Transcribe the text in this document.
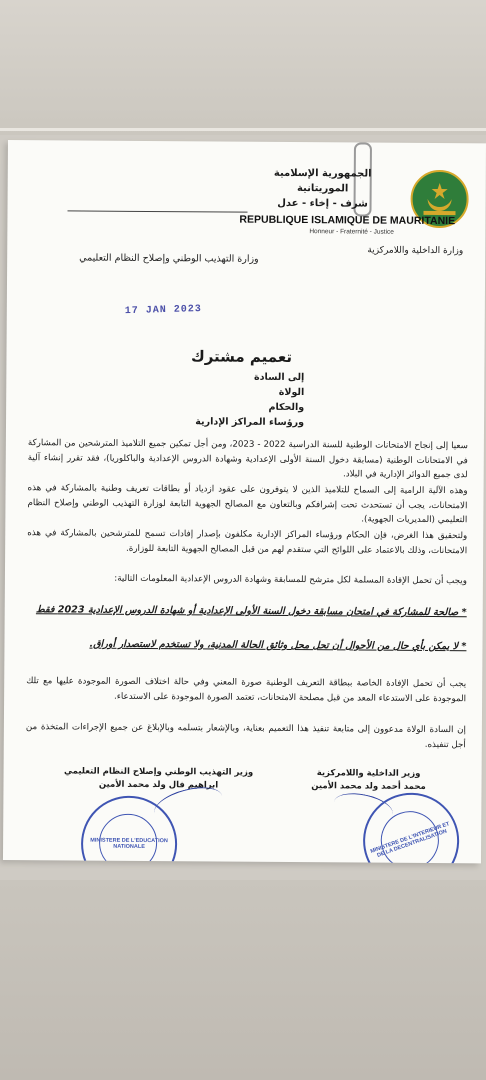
الجمهورية الإسلامية الموريتانية
شرف - إخاء - عدل
REPUBLIQUE ISLAMIQUE DE MAURITANIE
Honneur - Fraternité - Justice
وزارة الداخلية واللامركزية
وزارة التهذيب الوطني وإصلاح النظام التعليمي
17 JAN 2023
تعميم مشترك
إلى السادة
الولاة
والحكام
ورؤساء المراكز الإدارية
سعيا إلى إنجاح الامتحانات الوطنية للسنة الدراسية 2022 - 2023، ومن أجل تمكين جميع التلاميذ المترشحين من المشاركة في الامتحانات الوطنية (مسابقة دخول السنة الأولى الإعدادية وشهادة الدروس الإعدادية والباكلوريا)، فقد تقرر إنشاء آلية لدى جميع الدوائر الإدارية في البلاد.
وهذه الآلية الرامية إلى السماح للتلاميذ الذين لا يتوفرون على عقود ازدياد أو بطاقات تعريف وطنية بالمشاركة في هذه الامتحانات، يجب أن تستحدث تحت إشرافكم وبالتعاون مع المصالح الجهوية التابعة لوزارة التهذيب الوطني وإصلاح النظام التعليمي (المديريات الجهوية).
ولتحقيق هذا الغرض، فإن الحكام ورؤساء المراكز الإدارية مكلفون بإصدار إفادات تسمح للمترشحين بالمشاركة في هذه الامتحانات، وذلك بالاعتماد على اللوائح التي ستقدم لهم من قبل المصالح الجهوية التابعة للوزارة.
ويجب أن تحمل الإفادة المسلمة لكل مترشح للمسابقة وشهادة الدروس الإعدادية المعلومات التالية:
* صالحة للمشاركة في امتحان مسابقة دخول السنة الأولى الإعدادية أو شهادة الدروس الإعدادية 2023 فقط
* لا يمكن بأي حال من الأحوال أن تحل محل وثائق الحالة المدنية، ولا تستخدم لاستصدار أوراق.
يجب أن تحمل الإفادة الخاصة ببطاقة التعريف الوطنية صورة المعني وفي حالة اختلاف الصورة الموجودة عليها مع تلك الموجودة على الاستدعاء المعد من قبل مصلحة الامتحانات، تعتمد الصورة الموجودة على الاستدعاء.
إن السادة الولاة مدعوون إلى متابعة تنفيذ هذا التعميم بعناية، وبالإشعار بتسلمه وبالإبلاغ عن جميع الإجراءات المتخذة من أجل تنفيذه.
وزير التهذيب الوطني وإصلاح النظام التعليمي
ابراهيم فال ولد محمد الأمين
وزير الداخلية واللامركزية
محمد أحمد ولد محمد الأمين
MINISTERE DE L'EDUCATION NATIONALE	MINISTERE DE L'INTERIEUR ET DE LA DECENTRALISATION
